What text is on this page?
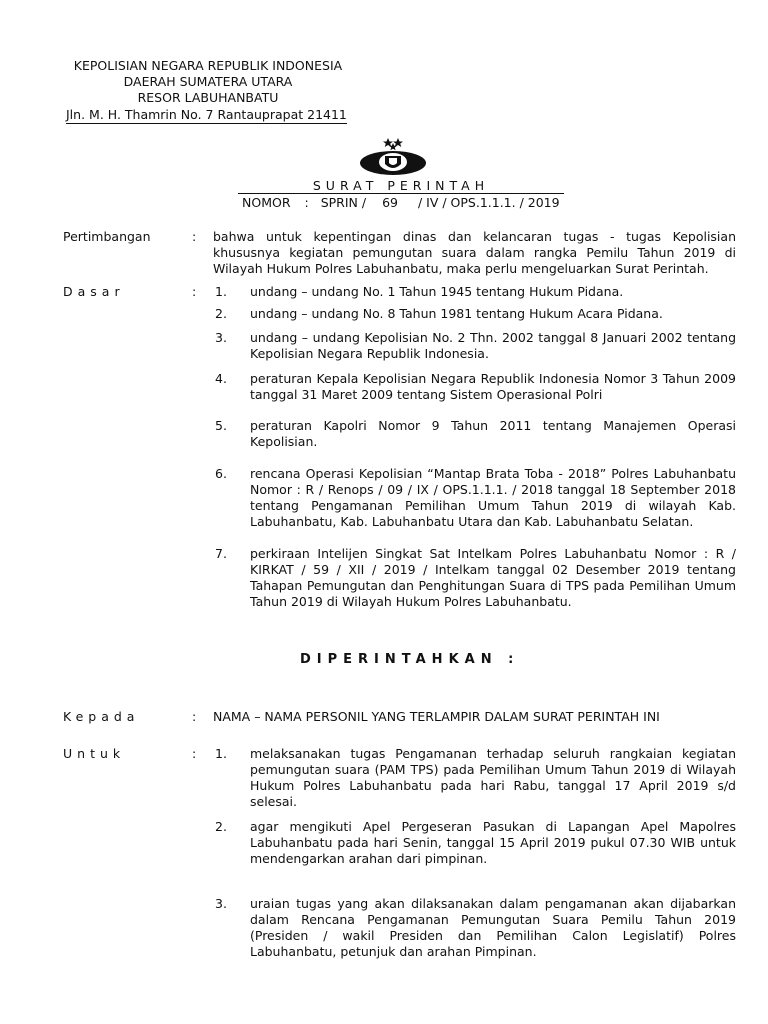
KEPOLISIAN NEGARA REPUBLIK INDONESIA
DAERAH SUMATERA UTARA
RESOR LABUHANBATU
Jln. M. H. Thamrin No. 7 Rantauprapat 21411
SURAT PERINTAH
NOMOR : SPRIN / 69 / IV / OPS.1.1.1. / 2019
Pertimbangan	: bahwa untuk kepentingan dinas dan kelancaran tugas - tugas Kepolisian khususnya kegiatan pemungutan suara dalam rangka Pemilu Tahun 2019 di Wilayah Hukum Polres Labuhanbatu, maka perlu mengeluarkan Surat Perintah.
Dasar	: 1. undang – undang No. 1 Tahun 1945 tentang Hukum Pidana.
2. undang – undang No. 8 Tahun 1981 tentang Hukum Acara Pidana.
3. undang – undang Kepolisian No. 2 Thn. 2002 tanggal 8 Januari 2002 tentang Kepolisian Negara Republik Indonesia.
4. peraturan Kepala Kepolisian Negara Republik Indonesia Nomor 3 Tahun 2009 tanggal 31 Maret 2009 tentang Sistem Operasional Polri
5. peraturan Kapolri Nomor 9 Tahun 2011 tentang Manajemen Operasi Kepolisian.
6. rencana Operasi Kepolisian “Mantap Brata Toba - 2018” Polres Labuhanbatu Nomor : R / Renops / 09 / IX / OPS.1.1.1. / 2018 tanggal 18 September 2018 tentang Pengamanan Pemilihan Umum Tahun 2019 di wilayah Kab. Labuhanbatu, Kab. Labuhanbatu Utara dan Kab. Labuhanbatu Selatan.
7. perkiraan Intelijen Singkat Sat Intelkam Polres Labuhanbatu Nomor : R / KIRKAT / 59 / XII / 2019 / Intelkam tanggal 02 Desember 2019 tentang Tahapan Pemungutan dan Penghitungan Suara di TPS pada Pemilihan Umum Tahun 2019 di Wilayah Hukum Polres Labuhanbatu.
DIPERINTAHKAN :
Kepada	: NAMA – NAMA PERSONIL YANG TERLAMPIR DALAM SURAT PERINTAH INI
Untuk	: 1. melaksanakan tugas Pengamanan terhadap seluruh rangkaian kegiatan pemungutan suara (PAM TPS) pada Pemilihan Umum Tahun 2019 di Wilayah Hukum Polres Labuhanbatu pada hari Rabu, tanggal 17 April 2019 s/d selesai.
2. agar mengikuti Apel Pergeseran Pasukan di Lapangan Apel Mapolres Labuhanbatu pada hari Senin, tanggal 15 April 2019 pukul 07.30 WIB untuk mendengarkan arahan dari pimpinan.
3. uraian tugas yang akan dilaksanakan dalam pengamanan akan dijabarkan dalam Rencana Pengamanan Pemungutan Suara Pemilu Tahun 2019 (Presiden / wakil Presiden dan Pemilihan Calon Legislatif) Polres Labuhanbatu, petunjuk dan arahan Pimpinan.
